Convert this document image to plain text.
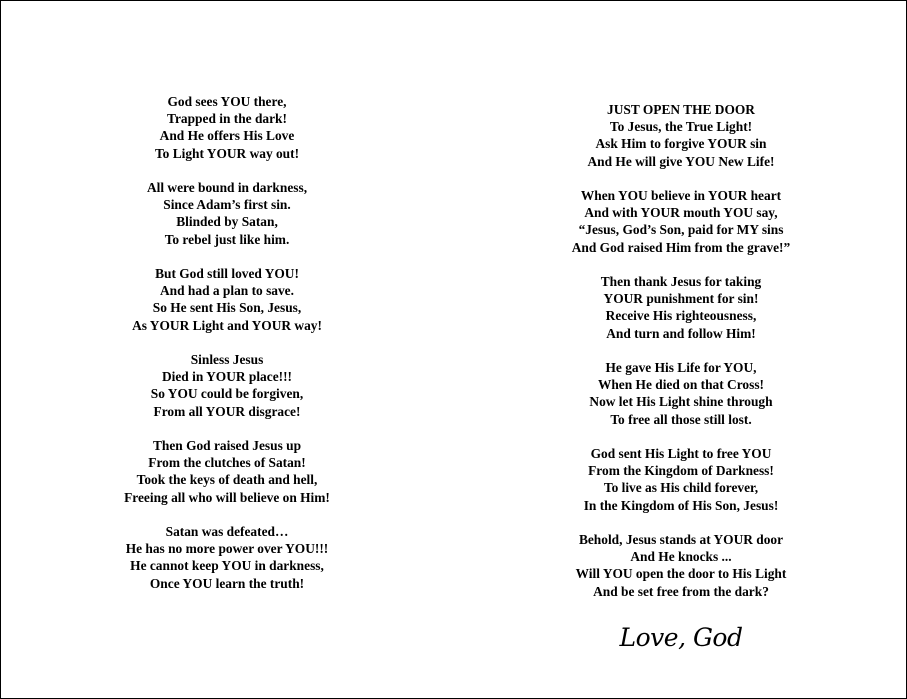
God sees YOU there,
Trapped in the dark!
And He offers His Love
To Light YOUR way out!
All were bound in darkness,
Since Adam’s first sin.
Blinded by Satan,
To rebel just like him.
But God still loved YOU!
And had a plan to save.
So He sent His Son, Jesus,
As YOUR Light and YOUR way!
Sinless Jesus
Died in YOUR place!!!
So YOU could be forgiven,
From all YOUR disgrace!
Then God raised Jesus up
From the clutches of Satan!
Took the keys of death and hell,
Freeing all who will believe on Him!
Satan was defeated…
He has no more power over YOU!!!
He cannot keep YOU in darkness,
Once YOU learn the truth!
JUST OPEN THE DOOR
To Jesus, the True Light!
Ask Him to forgive YOUR sin
And He will give YOU New Life!
When YOU believe in YOUR heart
And with YOUR mouth YOU say,
“Jesus, God’s Son, paid for MY sins
And God raised Him from the grave!”
Then thank Jesus for taking
YOUR punishment for sin!
Receive His righteousness,
And turn and follow Him!
He gave His Life for YOU,
When He died on that Cross!
Now let His Light shine through
To free all those still lost.
God sent His Light to free YOU
From the Kingdom of Darkness!
To live as His child forever,
In the Kingdom of His Son, Jesus!
Behold, Jesus stands at YOUR door
And He knocks ...
Will YOU open the door to His Light
And be set free from the dark?
Love, God
